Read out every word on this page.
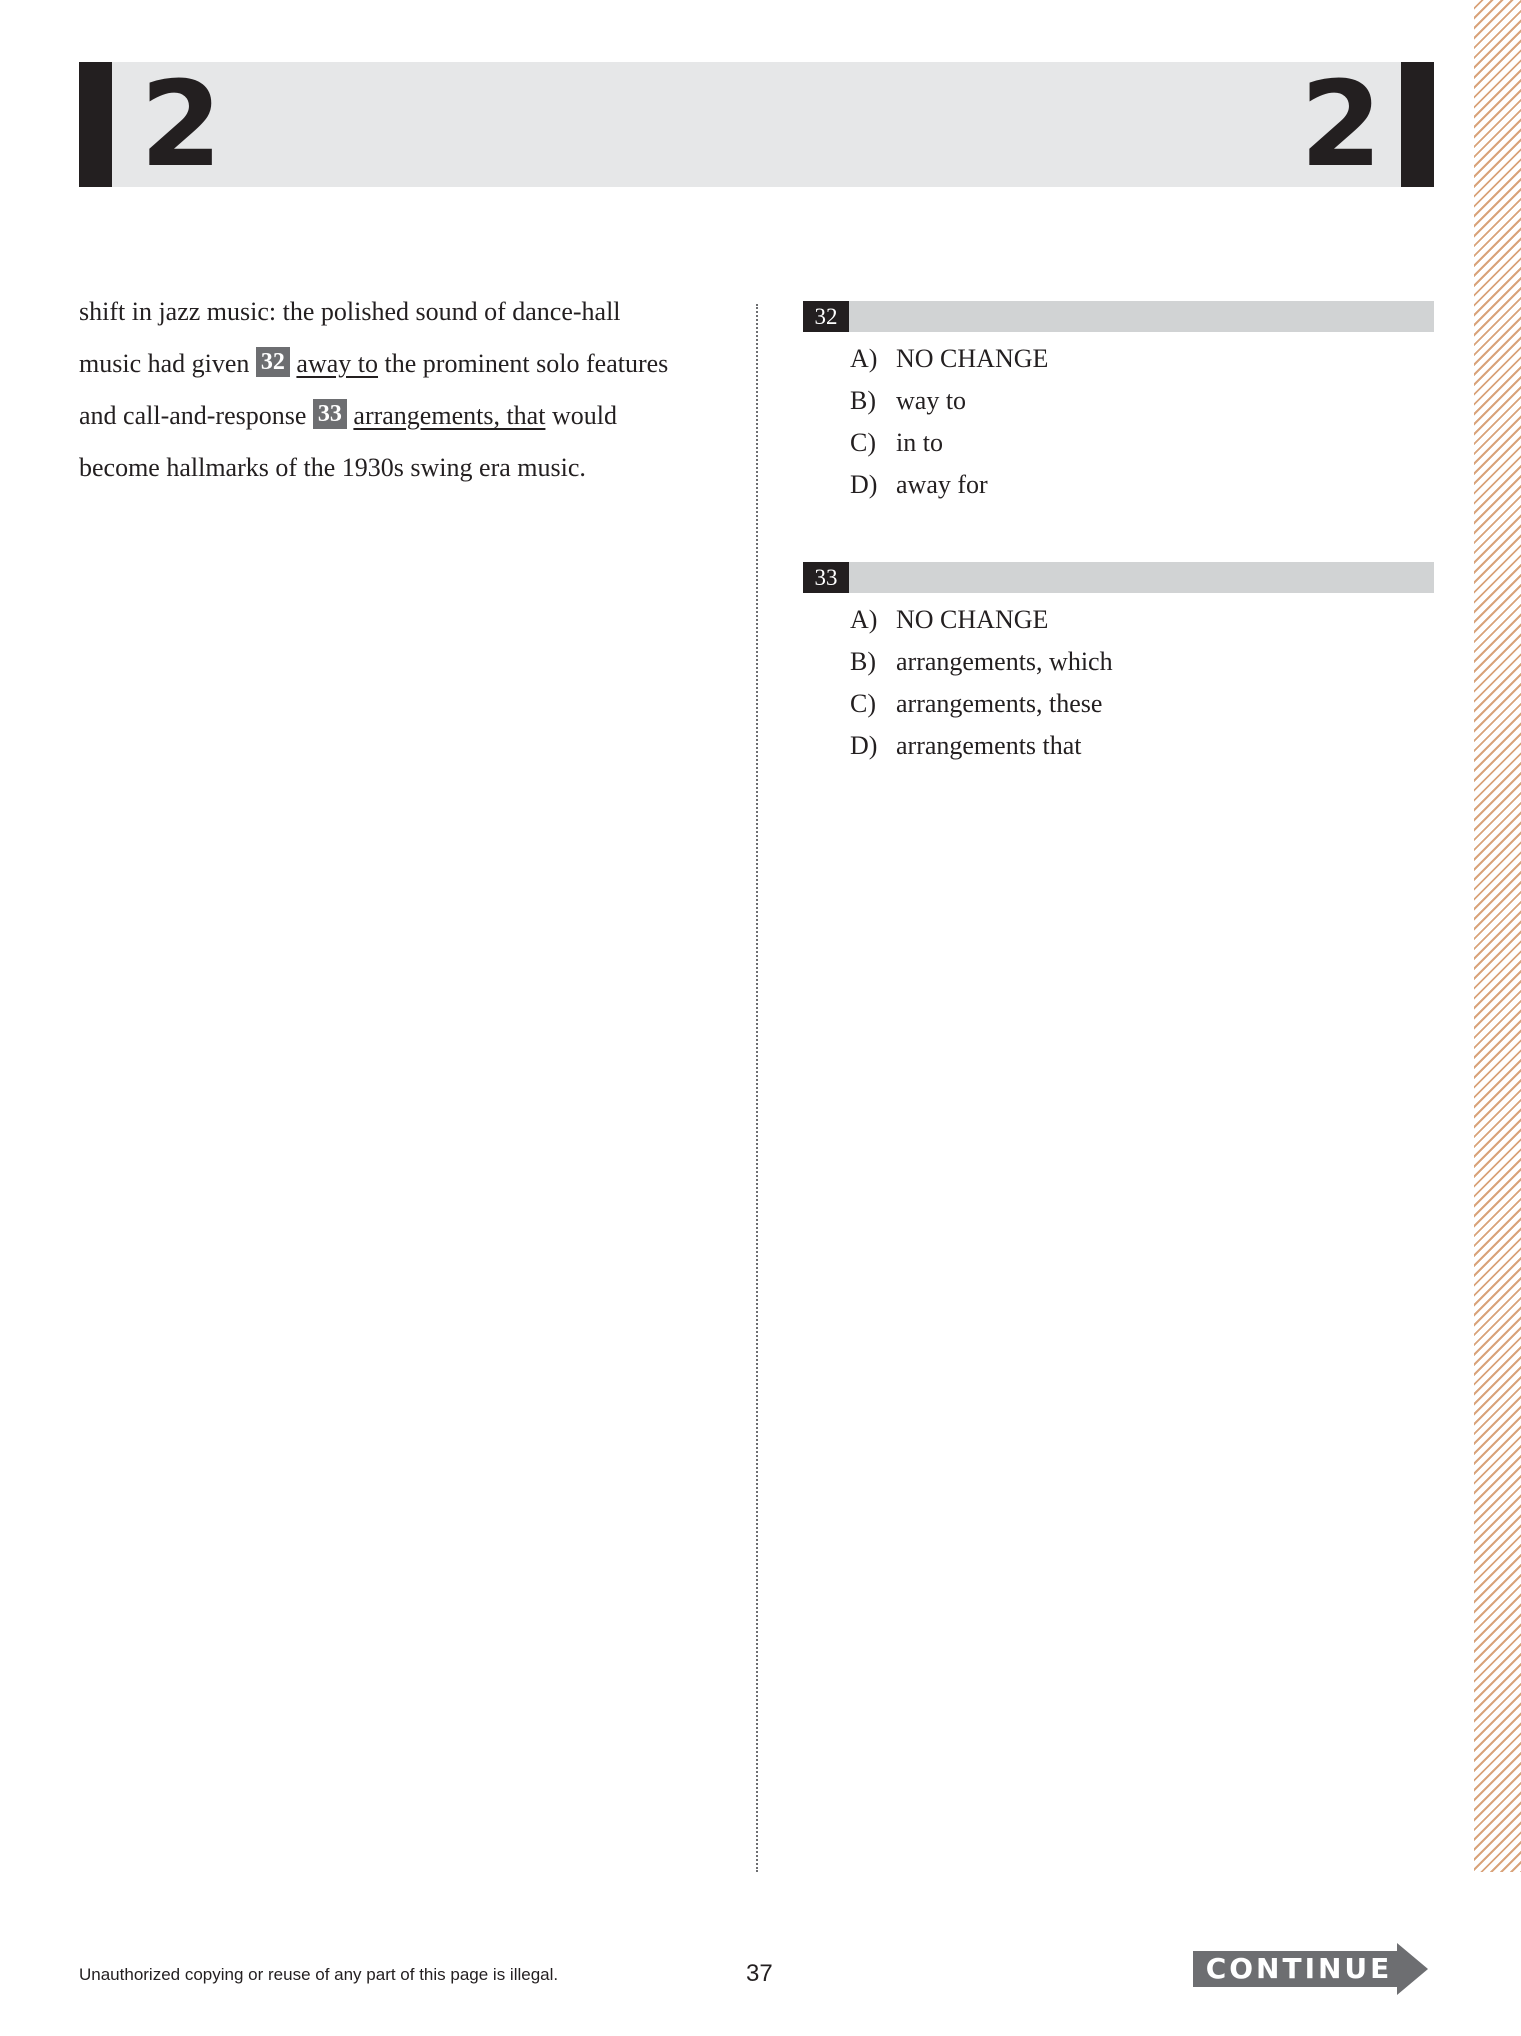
2	2
shift in jazz music: the polished sound of dance-hall
music had given 32 away to the prominent solo features
and call-and-response 33 arrangements, that would
become hallmarks of the 1930s swing era music.
32
A) NO CHANGE
B) way to
C) in to
D) away for
33
A) NO CHANGE
B) arrangements, which
C) arrangements, these
D) arrangements that
Unauthorized copying or reuse of any part of this page is illegal.	37	CONTINUE
